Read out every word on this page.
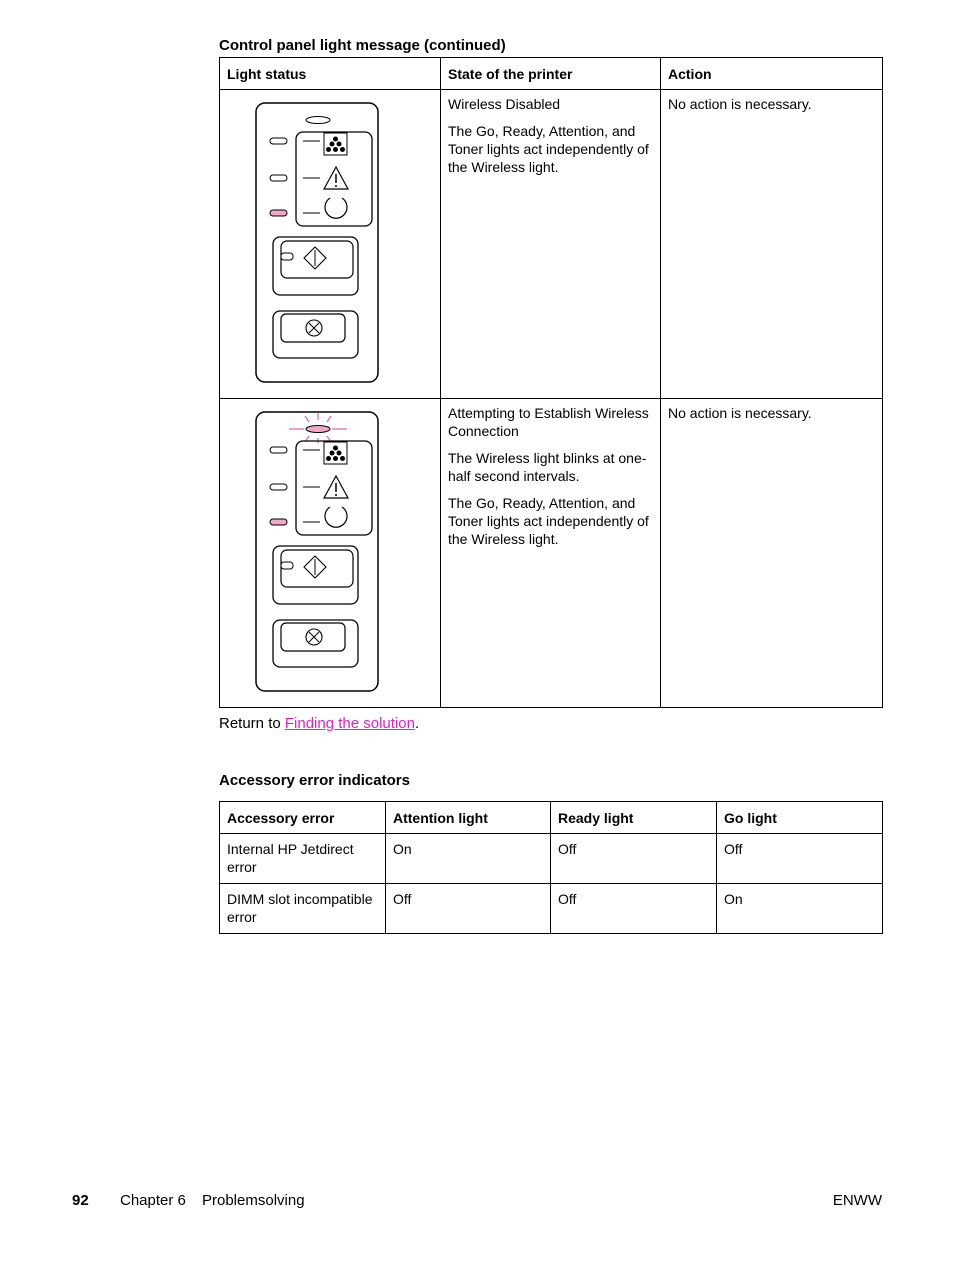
Control panel light message (continued)
Light status	State of the printer	Action

Wireless Disabled

The Go, Ready, Attention, and Toner lights act independently of the Wireless light.	No action is necessary.

Attempting to Establish Wireless Connection

The Wireless light blinks at one-half second intervals.

The Go, Ready, Attention, and Toner lights act independently of the Wireless light.	No action is necessary.

Return to Finding the solution.
Accessory error indicators
Accessory error	Attention light	Ready light	Go light
Internal HP Jetdirect error	On	Off	Off
DIMM slot incompatible error	Off	Off	On
92 Chapter 6 Problemsolving	ENWW
